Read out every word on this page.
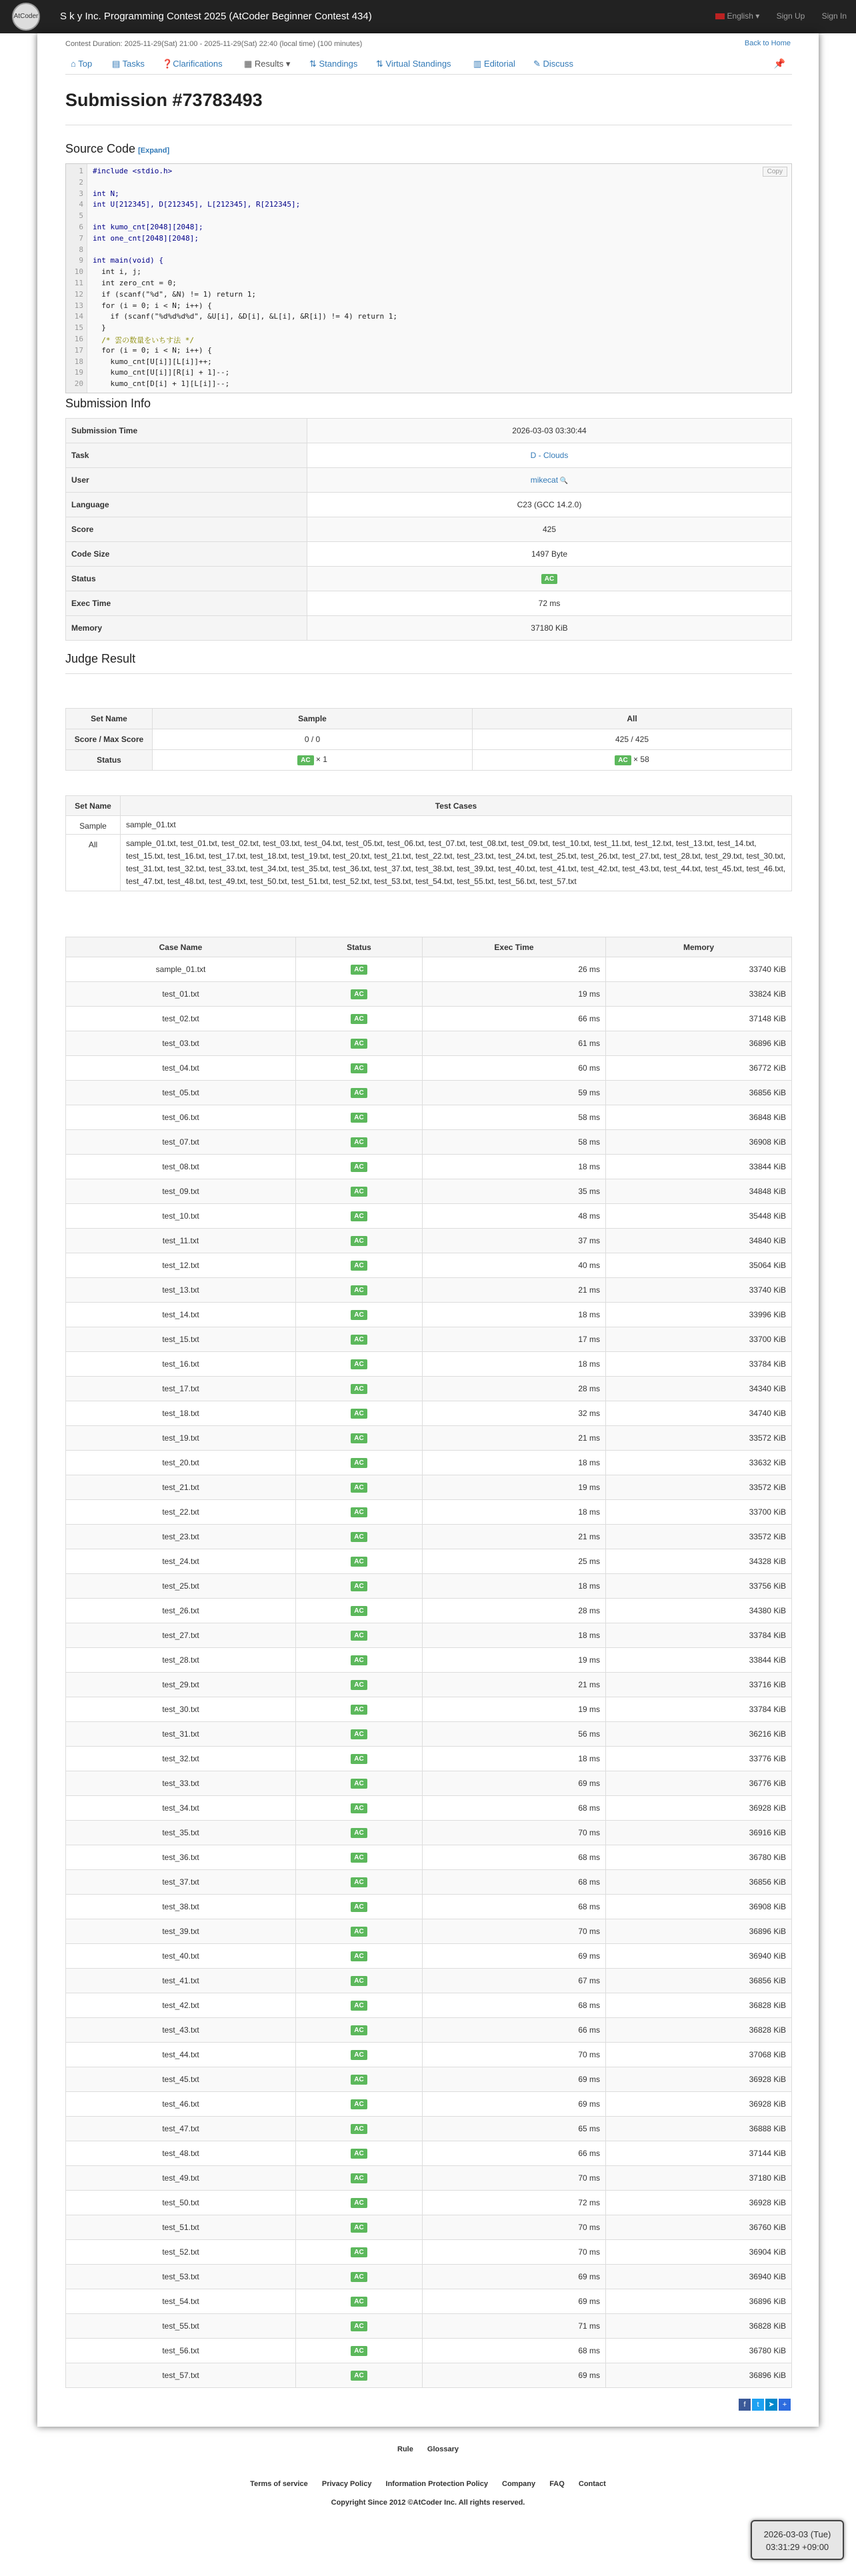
AtCoder S k y Inc. Programming Contest 2025 (AtCoder Beginner Contest 434)	English ▾ Sign Up Sign In
Contest Duration: 2025-11-29(Sat) 21:00 - 2025-11-29(Sat) 22:40 (local time) (100 minutes)	Back to Home
⌂ Top ▤ Tasks ❓Clarifications ▦ Results ▾ ⇅ Standings ⇅ Virtual Standings	▥ Editorial ✎ Discuss	📌
Submission #73783493
Source Code [Expand]
Copy
1 #include <stdio.h>
2
3 int N;
4 int U[212345], D[212345], L[212345], R[212345];
5
6 int kumo_cnt[2048][2048];
7 int one_cnt[2048][2048];
8
9 int main(void) {
10 int i, j;
11 int zero_cnt = 0;
12 if (scanf("%d", &N) != 1) return 1;
13 for (i = 0; i < N; i++) {
14 if (scanf("%d%d%d%d", &U[i], &D[i], &L[i], &R[i]) != 4) return 1;
15 }
16 /* 雲の数量をいちす法 */
17 for (i = 0; i < N; i++) {
18 kumo_cnt[U[i]][L[i]]++;
19 kumo_cnt[U[i]][R[i] + 1]--;
20 kumo_cnt[D[i] + 1][L[i]]--;
Submission Info
Submission Time	2026-03-03 03:30:44
Task	D - Clouds
User	mikecat 🔍
Language	C23 (GCC 14.2.0)
Score	425
Code Size	1497 Byte
Status	AC
Exec Time	72 ms
Memory	37180 KiB
Judge Result
Set Name	Sample	All
Score / Max Score	0 / 0	425 / 425
Status	AC × 1	AC × 58
Set Name	Test Cases
Sample	sample_01.txt
All	sample_01.txt, test_01.txt, test_02.txt, test_03.txt, test_04.txt, test_05.txt, test_06.txt, test_07.txt, test_08.txt, test_09.txt, test_10.txt, test_11.txt, test_12.txt, test_13.txt, test_14.txt, test_15.txt, test_16.txt, test_17.txt, test_18.txt, test_19.txt, test_20.txt, test_21.txt, test_22.txt, test_23.txt, test_24.txt, test_25.txt, test_26.txt, test_27.txt, test_28.txt, test_29.txt, test_30.txt, test_31.txt, test_32.txt, test_33.txt, test_34.txt, test_35.txt, test_36.txt, test_37.txt, test_38.txt, test_39.txt, test_40.txt, test_41.txt, test_42.txt, test_43.txt, test_44.txt, test_45.txt, test_46.txt, test_47.txt, test_48.txt, test_49.txt, test_50.txt, test_51.txt, test_52.txt, test_53.txt, test_54.txt, test_55.txt, test_56.txt, test_57.txt
Case Name	Status	Exec Time	Memory
sample_01.txt	AC	26 ms	33740 KiB
test_01.txt	AC	19 ms	33824 KiB
test_02.txt	AC	66 ms	37148 KiB
test_03.txt	AC	61 ms	36896 KiB
test_04.txt	AC	60 ms	36772 KiB
test_05.txt	AC	59 ms	36856 KiB
test_06.txt	AC	58 ms	36848 KiB
test_07.txt	AC	58 ms	36908 KiB
test_08.txt	AC	18 ms	33844 KiB
test_09.txt	AC	35 ms	34848 KiB
test_10.txt	AC	48 ms	35448 KiB
test_11.txt	AC	37 ms	34840 KiB
test_12.txt	AC	40 ms	35064 KiB
test_13.txt	AC	21 ms	33740 KiB
test_14.txt	AC	18 ms	33996 KiB
test_15.txt	AC	17 ms	33700 KiB
test_16.txt	AC	18 ms	33784 KiB
test_17.txt	AC	28 ms	34340 KiB
test_18.txt	AC	32 ms	34740 KiB
test_19.txt	AC	21 ms	33572 KiB
test_20.txt	AC	18 ms	33632 KiB
test_21.txt	AC	19 ms	33572 KiB
test_22.txt	AC	18 ms	33700 KiB
test_23.txt	AC	21 ms	33572 KiB
test_24.txt	AC	25 ms	34328 KiB
test_25.txt	AC	18 ms	33756 KiB
test_26.txt	AC	28 ms	34380 KiB
test_27.txt	AC	18 ms	33784 KiB
test_28.txt	AC	19 ms	33844 KiB
test_29.txt	AC	21 ms	33716 KiB
test_30.txt	AC	19 ms	33784 KiB
test_31.txt	AC	56 ms	36216 KiB
test_32.txt	AC	18 ms	33776 KiB
test_33.txt	AC	69 ms	36776 KiB
test_34.txt	AC	68 ms	36928 KiB
test_35.txt	AC	70 ms	36916 KiB
test_36.txt	AC	68 ms	36780 KiB
test_37.txt	AC	68 ms	36856 KiB
test_38.txt	AC	68 ms	36908 KiB
test_39.txt	AC	70 ms	36896 KiB
test_40.txt	AC	69 ms	36940 KiB
test_41.txt	AC	67 ms	36856 KiB
test_42.txt	AC	68 ms	36828 KiB
test_43.txt	AC	66 ms	36828 KiB
test_44.txt	AC	70 ms	37068 KiB
test_45.txt	AC	69 ms	36928 KiB
test_46.txt	AC	69 ms	36928 KiB
test_47.txt	AC	65 ms	36888 KiB
test_48.txt	AC	66 ms	37144 KiB
test_49.txt	AC	70 ms	37180 KiB
test_50.txt	AC	72 ms	36928 KiB
test_51.txt	AC	70 ms	36760 KiB
test_52.txt	AC	70 ms	36904 KiB
test_53.txt	AC	69 ms	36940 KiB
test_54.txt	AC	69 ms	36896 KiB
test_55.txt	AC	71 ms	36828 KiB
test_56.txt	AC	68 ms	36780 KiB
test_57.txt	AC	69 ms	36896 KiB
f t ➤ +
Rule Glossary
Terms of service Privacy Policy Information Protection Policy Company FAQ Contact
Copyright Since 2012 ©AtCoder Inc. All rights reserved.
2026-03-03 (Tue)
03:31:29 +09:00
